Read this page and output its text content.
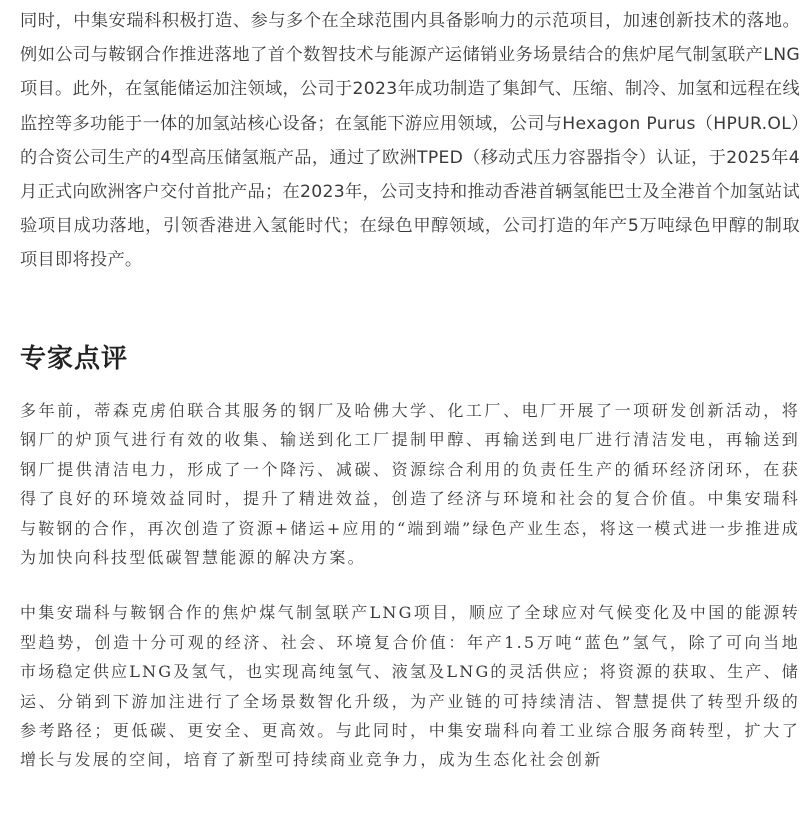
同时，中集安瑞科积极打造、参与多个在全球范围内具备影响力的示范项目，加速创新技术的落地。例如公司与鞍钢合作推进落地了首个数智技术与能源产运储销业务场景结合的焦炉尾气制氢联产LNG项目。此外，在氢能储运加注领域，公司于2023年成功制造了集卸气、压缩、制冷、加氢和远程在线监控等多功能于一体的加氢站核心设备；在氢能下游应用领域，公司与Hexagon Purus（HPUR.OL）的合资公司生产的4型高压储氢瓶产品，通过了欧洲TPED（移动式压力容器指令）认证，于2025年4月正式向欧洲客户交付首批产品；在2023年，公司支持和推动香港首辆氢能巴士及全港首个加氢站试验项目成功落地，引领香港进入氢能时代；在绿色甲醇领域，公司打造的年产5万吨绿色甲醇的制取项目即将投产。

专家点评

多年前，蒂森克虏伯联合其服务的钢厂及哈佛大学、化工厂、电厂开展了一项研发创新活动，将钢厂的炉顶气进行有效的收集、输送到化工厂提制甲醇、再输送到电厂进行清洁发电，再输送到钢厂提供清洁电力，形成了一个降污、减碳、资源综合利用的负责任生产的循环经济闭环，在获得了良好的环境效益同时，提升了精进效益，创造了经济与环境和社会的复合价值。中集安瑞科与鞍钢的合作，再次创造了资源+储运+应用的“端到端”绿色产业生态，将这一模式进一步推进成为加快向科技型低碳智慧能源的解决方案。

中集安瑞科与鞍钢合作的焦炉煤气制氢联产LNG项目，顺应了全球应对气候变化及中国的能源转型趋势，创造十分可观的经济、社会、环境复合价值：年产1.5万吨“蓝色”氢气，除了可向当地市场稳定供应LNG及氢气，也实现高纯氢气、液氢及LNG的灵活供应；将资源的获取、生产、储运、分销到下游加注进行了全场景数智化升级，为产业链的可持续清洁、智慧提供了转型升级的参考路径；更低碳、更安全、更高效。与此同时，中集安瑞科向着工业综合服务商转型，扩大了增长与发展的空间，培育了新型可持续商业竞争力，成为生态化社会创新
